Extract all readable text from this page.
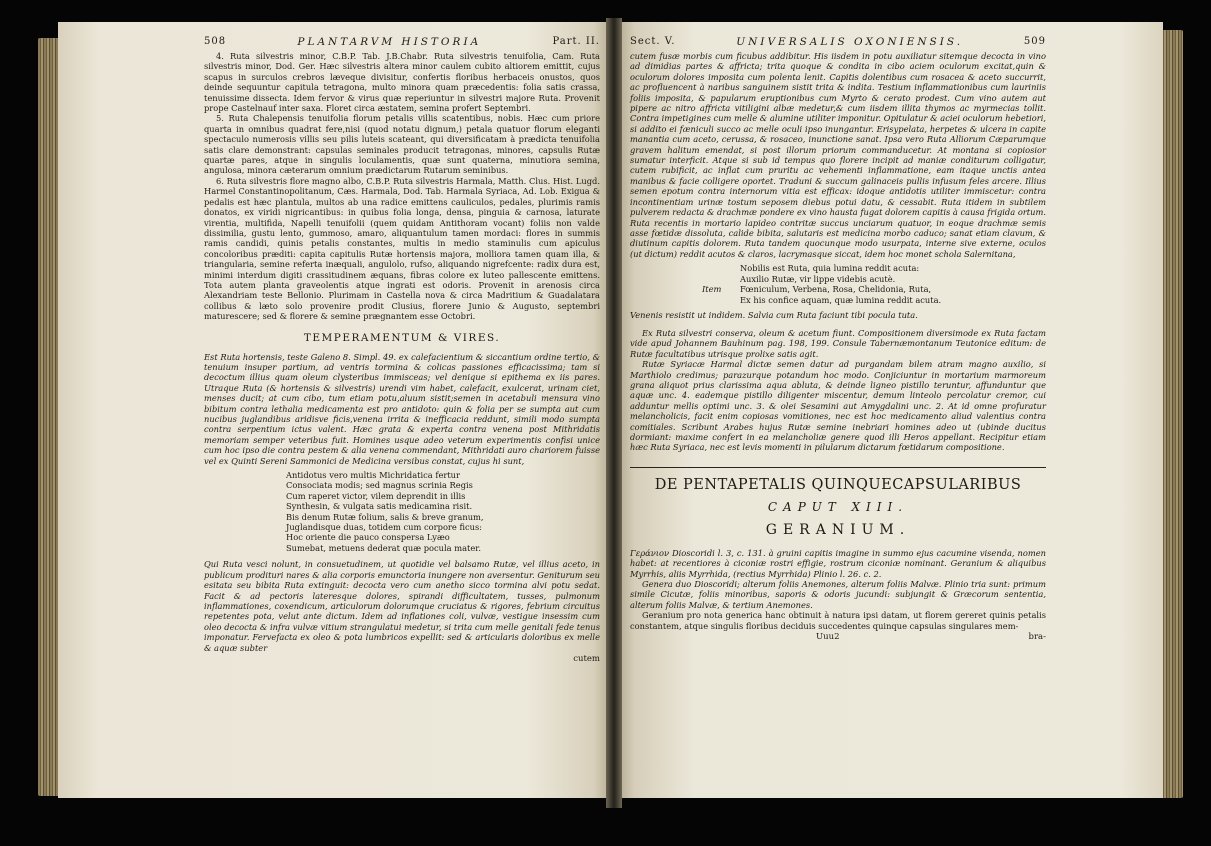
508	PLANTARVM HISTORIA	Part. II.

4. Ruta silvestris minor, C.B.P. Tab. J.B.Chabr. Ruta silvestris tenuifolia, Cam. Ruta silvestris minor, Dod. Ger. Hæc silvestris altera minor caulem cubito altiorem emittit, cujus scapus in surculos crebros læveque divisitur, confertis floribus herbaceis onustos, quos deinde sequuntur capitula tetragona, multo minora quam præcedentis: folia satis crassa, tenuissime dissecta. Idem fervor & virus quæ reperiuntur in silvestri majore Ruta. Provenit prope Castelnauf inter saxa. Floret circa æstatem, semina profert Septembri.

5. Ruta Chalepensis tenuifolia florum petalis villis scatentibus, nobis. Hæc cum priore quarta in omnibus quadrat fere,nisi (quod notatu dignum,) petala quatuor florum eleganti spectaculo numerosis villis seu pilis luteis scateant, qui diversificatam à prædicta tenuifolia satis clare demonstrant: capsulas seminales producit tetragonas, minores, capsulis Rutæ quartæ pares, atque in singulis loculamentis, quæ sunt quaterna, minutiora semina, angulosa, minora cæterarum omnium prædictarum Rutarum seminibus.

6. Ruta silvestris flore magno albo, C.B.P. Ruta silvestris Harmala, Matth. Clus. Hist. Lugd. Harmel Constantinopolitanum, Cæs. Harmala, Dod. Tab. Harmala Syriaca, Ad. Lob. Exigua & pedalis est hæc plantula, multos ab una radice emittens cauliculos, pedales, plurimis ramis donatos, ex viridi nigricantibus: in quibus folia longa, densa, pinguia & carnosa, laturate virentia, multifida, Napelli tenuifolii (quem quidam Antithoram vocant) foliis non valde dissimilia, gustu lento, gummoso, amaro, aliquantulum tamen mordaci: flores in summis ramis candidi, quinis petalis constantes, multis in medio staminulis cum apiculus concoloribus præditi: capita capitulis Rutæ hortensis majora, molliora tamen quam illa, & triangularia, semine referta inæquali, angulolo, rufso, aliquando nigrefcente: radix dura est, minimi interdum digiti crassitudinem æquans, fibras colore ex luteo pallescente emittens. Tota autem planta graveolentis atque ingrati est odoris. Provenit in arenosis circa Alexandriam teste Bellonio. Plurimam in Castella nova & circa Madritium & Guadalatara collibus & læto solo provenire prodit Clusius, florere Junio & Augusto, septembri maturescere; sed & florere & semine prægnantem esse Octobri.

TEMPERAMENTUM & VIRES.

Est Ruta hortensis, teste Galeno 8. Simpl. 49. ex calefacientium & siccantium ordine tertio, & tenuium insuper partium, ad ventris tormina & colicas passiones efficacissima; tam si decoctum illius quam oleum clysteribus immisceas; vel denique si epithema ex iis pares. Utraque Ruta (& hortensis & silvestris) urendi vim habet, calefacit, exulcerat, urinam ciet, menses ducit; at cum cibo, tum etiam potu,aluum sistit;semen in acetabuli mensura vino bibitum contra lethalia medicamenta est pro antidoto: quin & folia per se sumpta aut cum nucibus juglandibus aridisve ficis,venena irrita & inefficacia reddunt, simili modo sumpta contra serpentium ictus valent. Hæc grata & experta contra venena post Mithridatis memoriam semper veteribus fuit. Homines usque adeo veterum experimentis confisi unice cum hoc ipso die contra pestem & alia venena commendant, Mithridati auro chariorem fuisse vel ex Quinti Sereni Sammonici de Medicina versibus constat, cujus hi sunt,

Antidotus vero multis Michridatica fertur
Consociata modis; sed magnus scrinia Regis
Cum raperet victor, vilem deprendit in illis
Synthesin, & vulgata satis medicamina risit.
Bis denum Rutæ folium, salis & breve granum,
Juglandisque duas, totidem cum corpore ficus:
Hoc oriente die pauco conspersa Lyæo
Sumebat, metuens dederat quæ pocula mater.

Qui Ruta vesci nolunt, in consuetudinem, ut quotidie vel balsamo Rutæ, vel illius aceto, in publicum prodituri nares & alia corporis emunctoria inungere non aversentur. Geniturum seu esitata seu bibita Ruta extinguit: decocta vero cum anetho sicco tormina alvi potu sedat. Facit & ad pectoris lateresque dolores, spirandi difficultatem, tusses, pulmonum inflammationes, coxendicum, articulorum dolorumque cruciatus & rigores, febrium circuitus repetentes pota, velut ante dictum. Idem ad inflationes coli, vulvæ, vestigue insessim cum oleo decocta & infra vulvæ vitium strangulatui medetur, si trita cum melle genitali fede tenus imponatur. Fervefacta ex oleo & pota lumbricos expellit: sed & articularis doloribus ex melle & aquæ subter

cutem
Sect. V.	UNIVERSALIS OXONIENSIS.	509

cutem fusæ morbis cum ficubus addibitur. His iisdem in potu auxiliatur sitemque decocta in vino ad dimidias partes & affricta; trita quoque & condita in cibo aciem oculorum excitat,quin & oculorum dolores imposita cum polenta lenit. Capitis dolentibus cum rosacea & aceto succurrit, ac profluencent à naribus sanguinem sistit trita & indita. Testium inflammationibus cum lauriniis foliis imposita, & papularum eruptionibus cum Myrto & cerato prodest. Cum vino autem aut pipere ac nitro affricta vitiligini albæ medetur,& cum iisdem illita thymos ac myrmecias tollit. Contra impetigines cum melle & alumine utiliter imponitur. Opitulatur & aciei oculorum hebetiori, si addito ei fæniculi succo ac melle oculi ipso inungantur. Erisypelata, herpetes & ulcera in capite manantia cum aceto, cerussa, & rosaceo, inunctione sanat. Ipsa vero Ruta Alliorum Cæparumque gravem halitum emendat, si post illorum priorum commanducetur. At montana si copiosior sumatur interficit. Atque si sub id tempus quo florere incipit ad maniæ conditurum colligatur, cutem rubificit, ac inflat cum pruritu ac vehementi inflammatione, eam itaque unctis antea manibus & facie colligere oportet. Traduni & succum galinaceis pullis infusum feles arcere. Illius semen epotum contra internorum vitia est efficax: idoque antidotis utiliter immiscetur: contra incontinentiam urinæ tostum seposem diebus potui datu, & cessabit. Ruta itidem in subtilem pulverem redacta & drachmæ pondere ex vino hausta fugat dolorem capitis à causa frigida ortum. Ruta recentis in mortario lapideo contritæ succus unciarum quatuor, in eoque drachmæ semis asse fœtidæ dissoluta, calide bibita, salutaris est medicina morbo caduco; sanat etiam clavum, & diutinum capitis dolorem. Ruta tandem quocunque modo usurpata, interne sive externe, oculos (ut dictum) reddit acutos & claros, lacrymasque siccat, idem hoc monet schola Salernitana,

Nobilis est Ruta, quia lumina reddit acuta:
Auxilio Rutæ, vir lippe videbis acutè.
Item	Fœniculum, Verbena, Rosa, Chelidonia, Ruta,
Ex his confice aquam, quæ lumina reddit acuta.

Venenis resistit ut indidem. Salvia cum Ruta faciunt tibi pocula tuta.

Ex Ruta silvestri conserva, oleum & acetum fiunt. Compositionem diversimode ex Ruta factam vide apud Johannem Bauhinum pag. 198, 199. Consule Tabernæmontanum Teutonice editum: de Rutæ facultatibus utrisque prolixe satis agit.

Rutæ Syriacæ Harmal dictæ semen datur ad purgandam bilem atram magno auxilio, si Marthiolo credimus; parazurque potandum hoc modo. Conjiciuntur in mortarium marmoreum grana aliquot prius clarissima aqua abluta, & deinde ligneo pistillo teruntur, affunduntur que aquæ unc. 4. eademque pistillo diligenter miscentur, demum linteolo percolatur cremor, cui adduntur mellis optimi unc. 3. & olei Sesamini aut Amygdalini unc. 2. At id omne profuratur melancholicis, facit enim copiosas vomitiones, nec est hoc medicamento aliud valentius contra comitiales. Scribunt Arabes hujus Rutæ semine inebriari homines adeo ut (ubinde ducitus dormiant: maxime confert in ea melancholiæ genere quod illi Heros appellant. Recipitur etiam hæc Ruta Syriaca, nec est levis momenti in pilularum dictarum fœtidarum compositione.

DE PENTAPETALIS QUINQUECAPSULARIBUS
CAPUT XIII.
GERANIUM.

Γεράνιον Dioscoridi l. 3, c. 131. à gruini capitis imagine in summo ejus cacumine visenda, nomen habet: at recentiores à ciconiæ rostri effigie, rostrum ciconiæ nominant. Geranium & aliquibus Myrrhis, aliis Myrrhida, (rectius Myrrhida) Plinio l. 26. c. 2.

Genera duo Dioscoridi; alterum foliis Anemones, alterum foliis Malvæ. Plinio tria sunt: primum simile Cicutæ, foliis minoribus, saporis & odoris jucundi: subjungit & Græcorum sententia, alterum foliis Malvæ, & tertium Anemones.

Geranium pro nota generica hanc obtinuit à natura ipsi datam, ut florem gereret quinis petalis constantem, atque singulis floribus deciduis succedentes quinque capsulas singulares mem-

Uuu2	bra-
